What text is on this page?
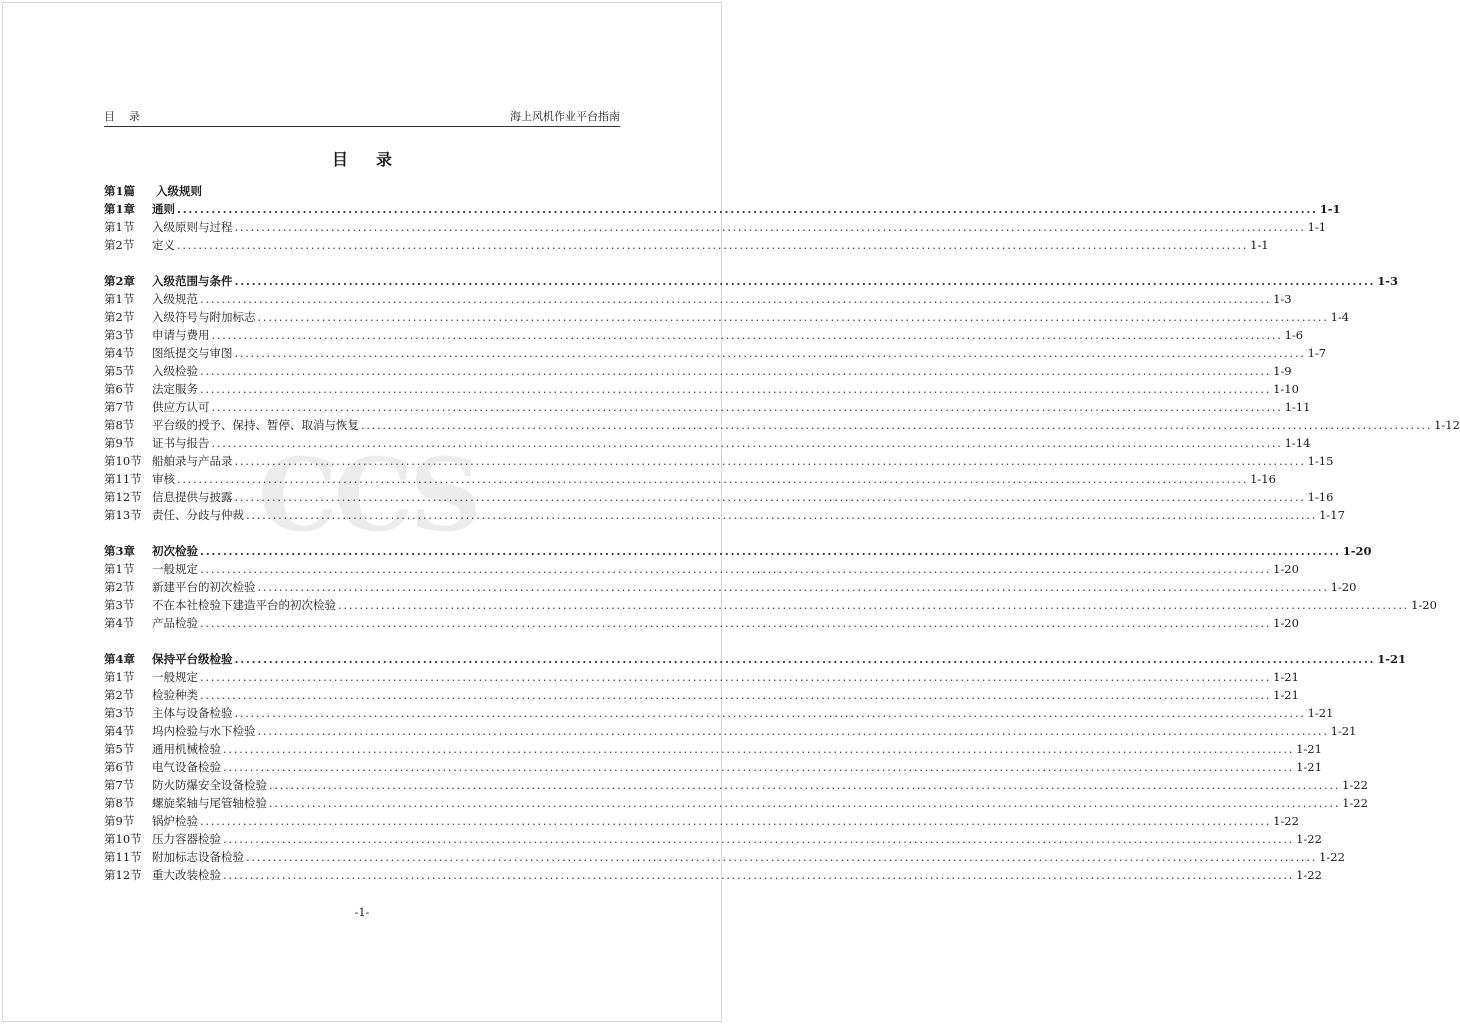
目录	海上风机作业平台指南
目录
CCS
第1篇	入级规则
第1章 通则 ........................................................................................................................................................................................................ 1-1
第1节 入级原则与过程 ........................................................................................................................................................................................................ 1-1
第2节 定义 ........................................................................................................................................................................................................ 1-1
第2章 入级范围与条件 ........................................................................................................................................................................................................ 1-3
第1节 入级规范 ........................................................................................................................................................................................................ 1-3
第2节 入级符号与附加标志 ........................................................................................................................................................................................................ 1-4
第3节 申请与费用 ........................................................................................................................................................................................................ 1-6
第4节 图纸提交与审图 ........................................................................................................................................................................................................ 1-7
第5节 入级检验 ........................................................................................................................................................................................................ 1-9
第6节 法定服务 ........................................................................................................................................................................................................ 1-10
第7节 供应方认可 ........................................................................................................................................................................................................ 1-11
第8节 平台级的授予、保持、暂停、取消与恢复 ........................................................................................................................................................................................................ 1-12
第9节 证书与报告 ........................................................................................................................................................................................................ 1-14
第10节 船舶录与产品录 ........................................................................................................................................................................................................ 1-15
第11节 审核 ........................................................................................................................................................................................................ 1-16
第12节 信息提供与披露 ........................................................................................................................................................................................................ 1-16
第13节 责任、分歧与仲裁 ........................................................................................................................................................................................................ 1-17
第3章 初次检验 ........................................................................................................................................................................................................ 1-20
第1节 一般规定 ........................................................................................................................................................................................................ 1-20
第2节 新建平台的初次检验 ........................................................................................................................................................................................................ 1-20
第3节 不在本社检验下建造平台的初次检验 ........................................................................................................................................................................................................ 1-20
第4节 产品检验 ........................................................................................................................................................................................................ 1-20
第4章 保持平台级检验 ........................................................................................................................................................................................................ 1-21
第1节 一般规定 ........................................................................................................................................................................................................ 1-21
第2节 检验种类 ........................................................................................................................................................................................................ 1-21
第3节 主体与设备检验 ........................................................................................................................................................................................................ 1-21
第4节 坞内检验与水下检验 ........................................................................................................................................................................................................ 1-21
第5节 通用机械检验 ........................................................................................................................................................................................................ 1-21
第6节 电气设备检验 ........................................................................................................................................................................................................ 1-21
第7节 防火防爆安全设备检验 ........................................................................................................................................................................................................ 1-22
第8节 螺旋桨轴与尾管轴检验 ........................................................................................................................................................................................................ 1-22
第9节 锅炉检验 ........................................................................................................................................................................................................ 1-22
第10节 压力容器检验 ........................................................................................................................................................................................................ 1-22
第11节 附加标志设备检验 ........................................................................................................................................................................................................ 1-22
第12节 重大改装检验 ........................................................................................................................................................................................................ 1-22
-1-
